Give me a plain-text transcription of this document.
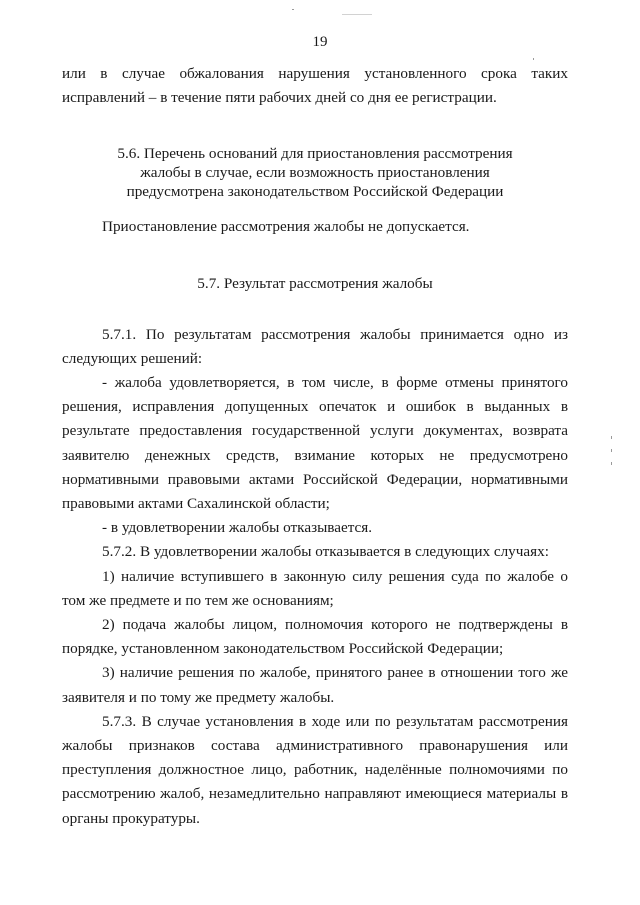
19

или в случае обжалования нарушения установленного срока таких исправлений – в течение пяти рабочих дней со дня ее регистрации.

5.6. Перечень оснований для приостановления рассмотрения
жалобы в случае, если возможность приостановления
предусмотрена законодательством Российской Федерации

Приостановление рассмотрения жалобы не допускается.

5.7. Результат рассмотрения жалобы

5.7.1. По результатам рассмотрения жалобы принимается одно из следующих решений:

- жалоба удовлетворяется, в том числе, в форме отмены принятого решения, исправления допущенных опечаток и ошибок в выданных в результате предоставления государственной услуги документах, возврата заявителю денежных средств, взимание которых не предусмотрено нормативными правовыми актами Российской Федерации, нормативными правовыми актами Сахалинской области;

- в удовлетворении жалобы отказывается.

5.7.2. В удовлетворении жалобы отказывается в следующих случаях:

1) наличие вступившего в законную силу решения суда по жалобе о том же предмете и по тем же основаниям;

2) подача жалобы лицом, полномочия которого не подтверждены в порядке, установленном законодательством Российской Федерации;

3) наличие решения по жалобе, принятого ранее в отношении того же заявителя и по тому же предмету жалобы.

5.7.3. В случае установления в ходе или по результатам рассмотрения жалобы признаков состава административного правонарушения или преступления должностное лицо, работник, наделённые полномочиями по рассмотрению жалоб, незамедлительно направляют имеющиеся материалы в органы прокуратуры.
